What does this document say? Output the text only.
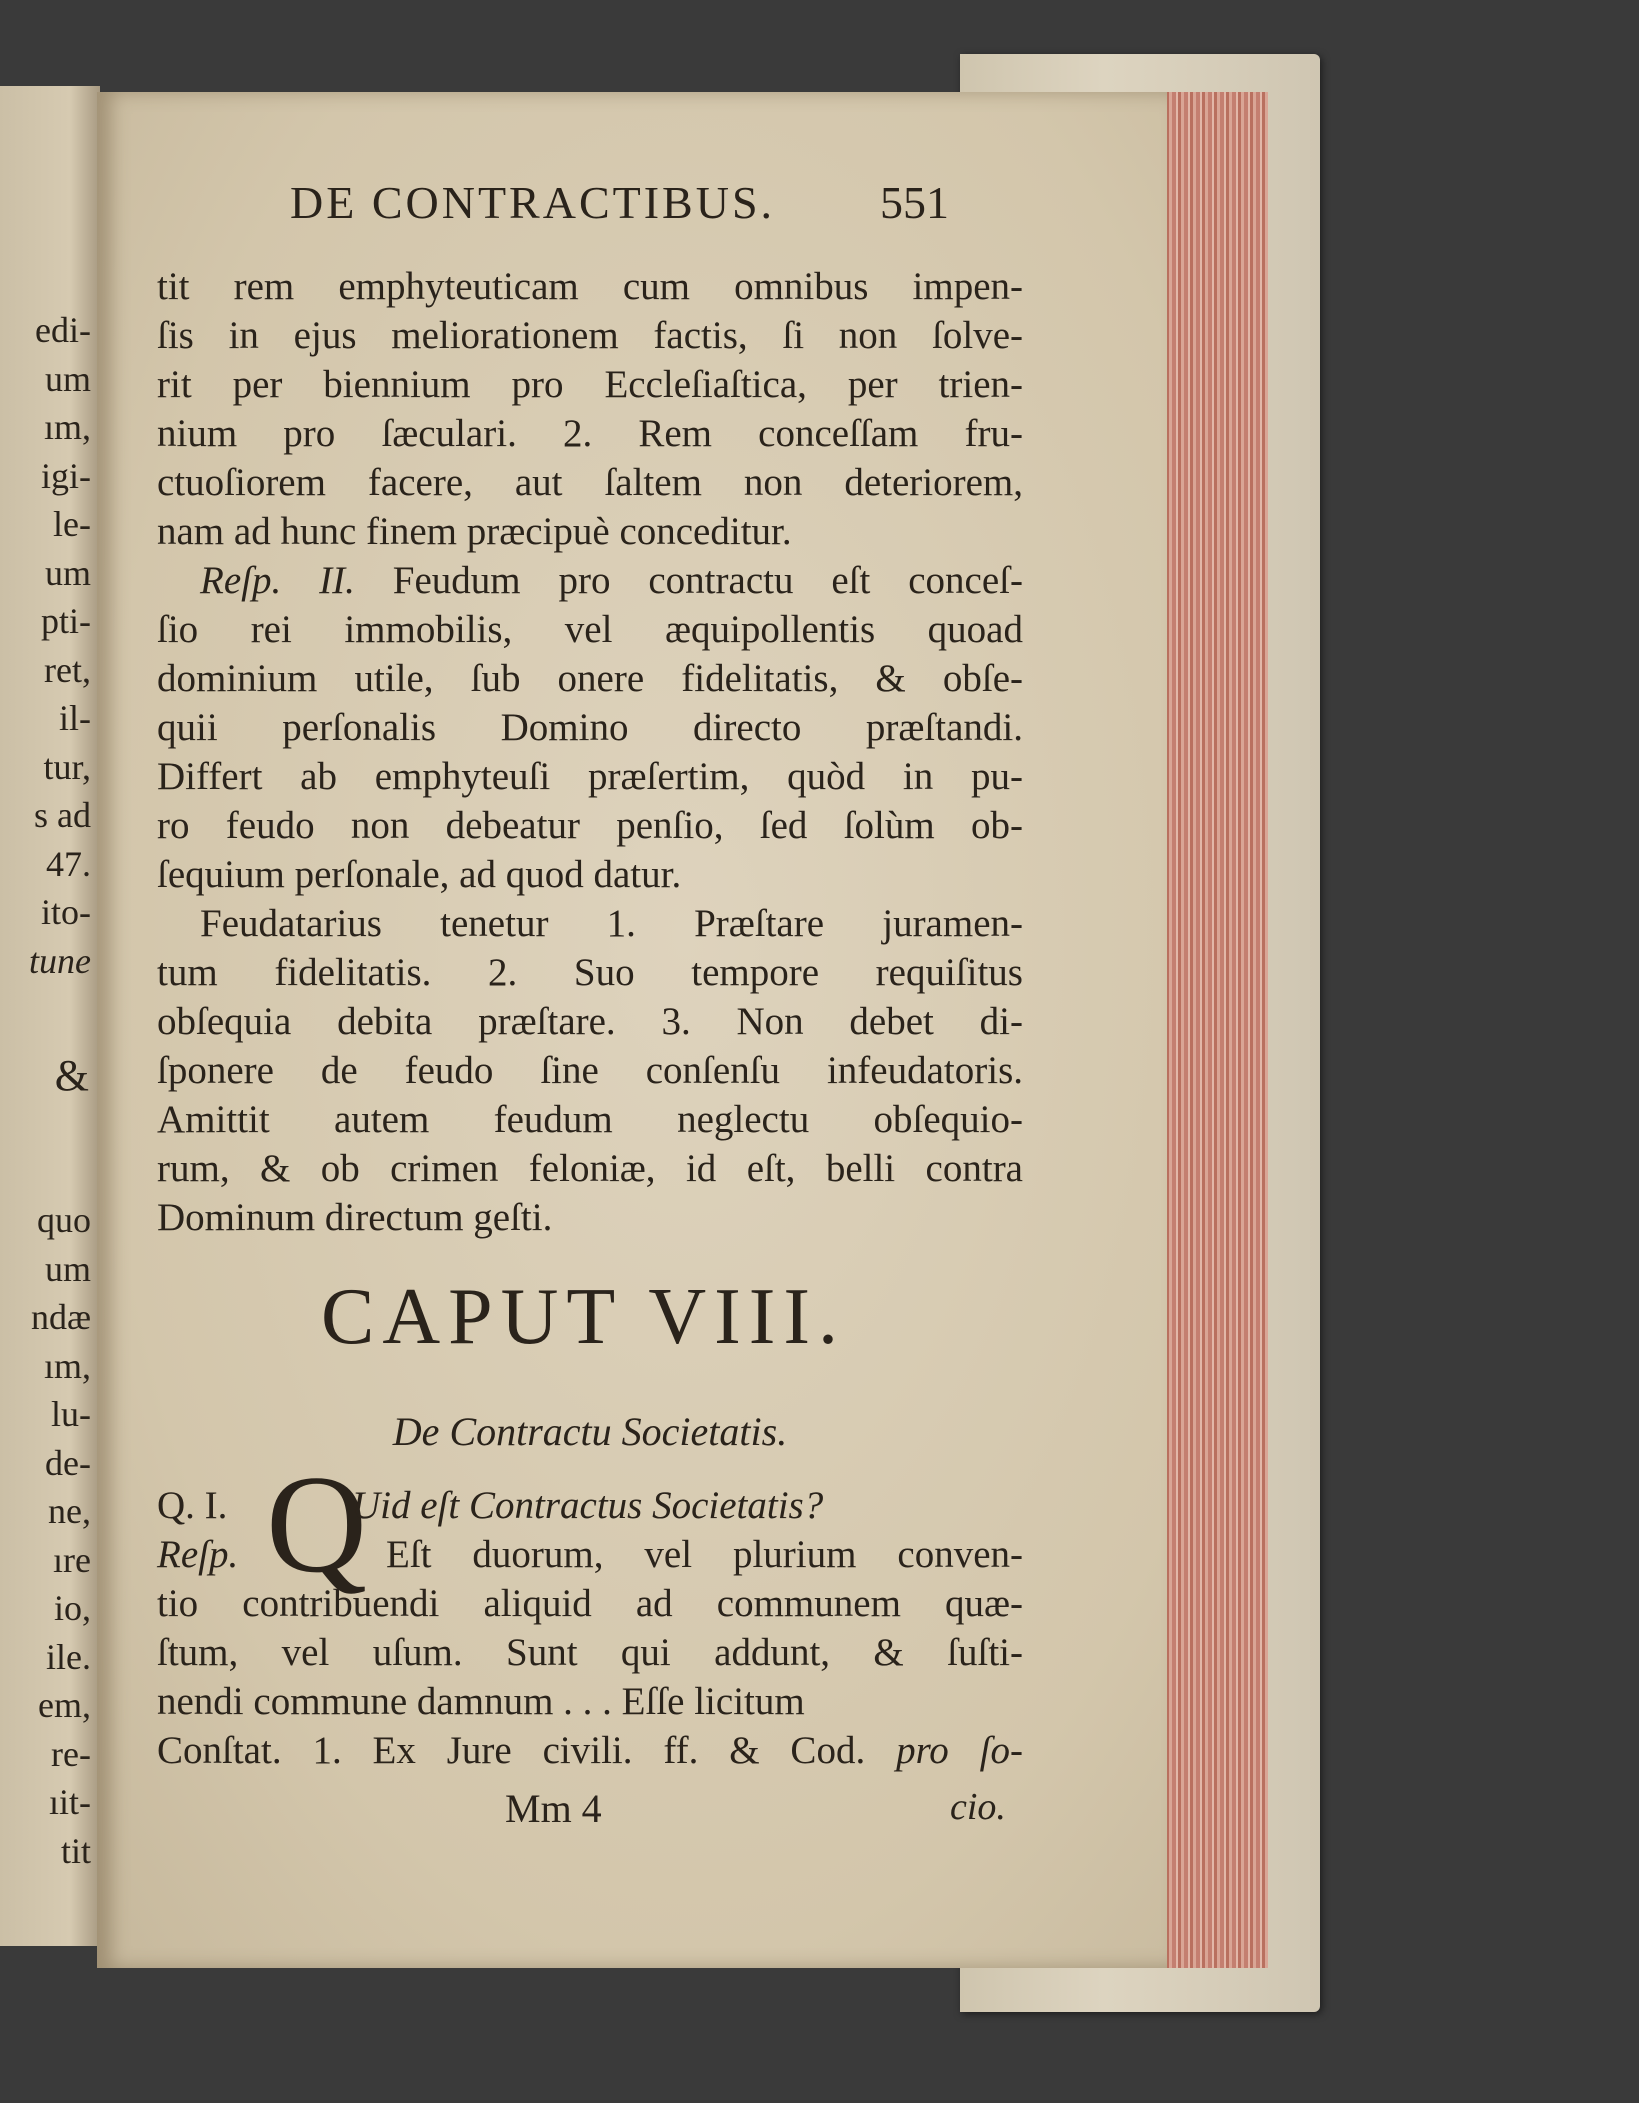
edi-
um
ım,
igi-
le-
um
pti-
ret,
il-
tur,
s ad
47.
ito-
tune
&
quo
um
ndæ
ım,
lu-
de-
ne,
ıre
io,
ile.
em,
re-
ıit-
tit
DE CONTRACTIBUS. 551
tit rem emphyteuticam cum omnibus impen-
ſis in ejus meliorationem factis, ſi non ſolve-
rit per biennium pro Eccleſiaſtica, per trien-
nium pro ſæculari. 2. Rem conceſſam fru-
ctuoſiorem facere, aut ſaltem non deteriorem,
nam ad hunc finem præcipuè conceditur.
Reſp. II. Feudum pro contractu eſt conceſ-
ſio rei immobilis, vel æquipollentis quoad
dominium utile, ſub onere fidelitatis, & obſe-
quii perſonalis Domino directo præſtandi.
Differt ab emphyteuſi præſertim, quòd in pu-
ro feudo non debeatur penſio, ſed ſolùm ob-
ſequium perſonale, ad quod datur.
Feudatarius tenetur 1. Præſtare juramen-
tum fidelitatis. 2. Suo tempore requiſitus
obſequia debita præſtare. 3. Non debet di-
ſponere de feudo ſine conſenſu infeudatoris.
Amittit autem feudum neglectu obſequio-
rum, & ob crimen feloniæ, id eſt, belli contra
Dominum directum geſti.
CAPUT VIII.
De Contractu Societatis.
Q. I. Q
Uid eſt Contractus Societatis?
Reſp.	Eſt duorum, vel plurium conven-
tio contribuendi aliquid ad communem quæ-
ſtum, vel uſum. Sunt qui addunt, & ſuſti-
nendi commune damnum . . . Eſſe licitum
Conſtat. 1. Ex Jure civili. ff. & Cod. pro ſo-
Mm 4	cio.
